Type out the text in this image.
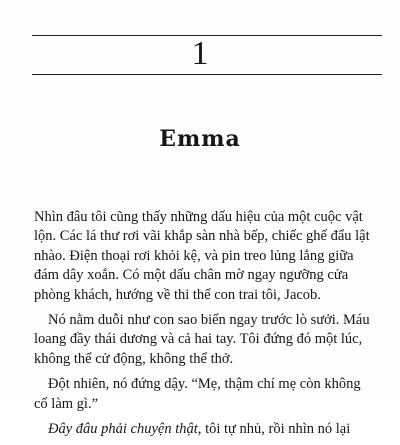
1
Emma

Nhìn đâu tôi cũng thấy những dấu hiệu của một cuộc vật
lộn. Các lá thư rơi vãi khắp sàn nhà bếp, chiếc ghế đẩu lật
nhào. Điện thoại rơi khỏi kệ, và pin treo lủng lẳng giữa
đám dây xoắn. Có một dấu chân mờ ngay ngưỡng cửa
phòng khách, hướng về thi thể con trai tôi, Jacob.

Nó nằm duỗi như con sao biển ngay trước lò sưởi. Máu
loang đầy thái dương và cả hai tay. Tôi đứng đó một lúc,
không thể cử động, không thể thở.

Đột nhiên, nó đứng dậy. “Mẹ, thậm chí mẹ còn không
cố làm gì.”

Đây đâu phải chuyện thật, tôi tự nhủ, rồi nhìn nó lại
